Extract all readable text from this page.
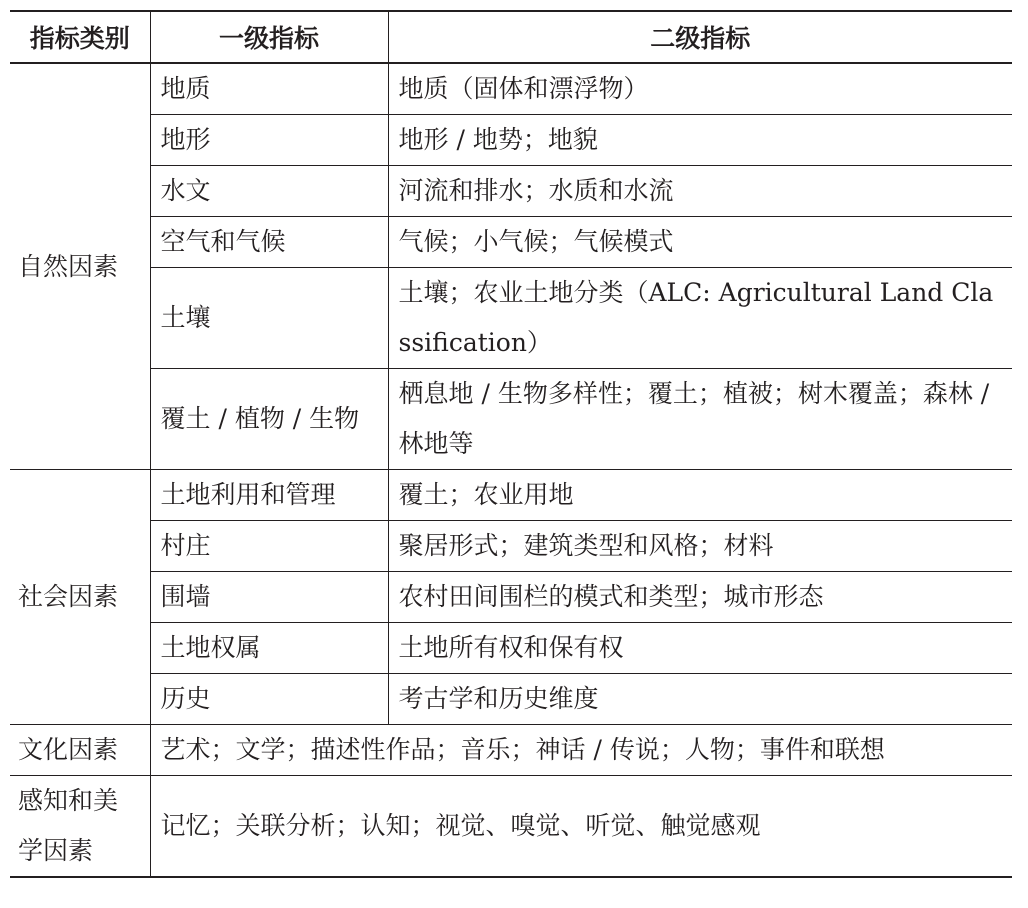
指标类别	一级指标	二级指标
自然因素	地质	地质（固体和漂浮物）
	地形	地形 / 地势；地貌
	水文	河流和排水；水质和水流
	空气和气候	气候；小气候；气候模式
	土壤	土壤；农业土地分类（ALC: Agricultural Land Classification）
	覆土 / 植物 / 生物	栖息地 / 生物多样性；覆土；植被；树木覆盖；森林 / 林地等
社会因素	土地利用和管理	覆土；农业用地
	村庄	聚居形式；建筑类型和风格；材料
	围墙	农村田间围栏的模式和类型；城市形态
	土地权属	土地所有权和保有权
	历史	考古学和历史维度
文化因素	艺术；文学；描述性作品；音乐；神话 / 传说；人物；事件和联想	
感知和美学因素	记忆；关联分析；认知；视觉、嗅觉、听觉、触觉感观	
